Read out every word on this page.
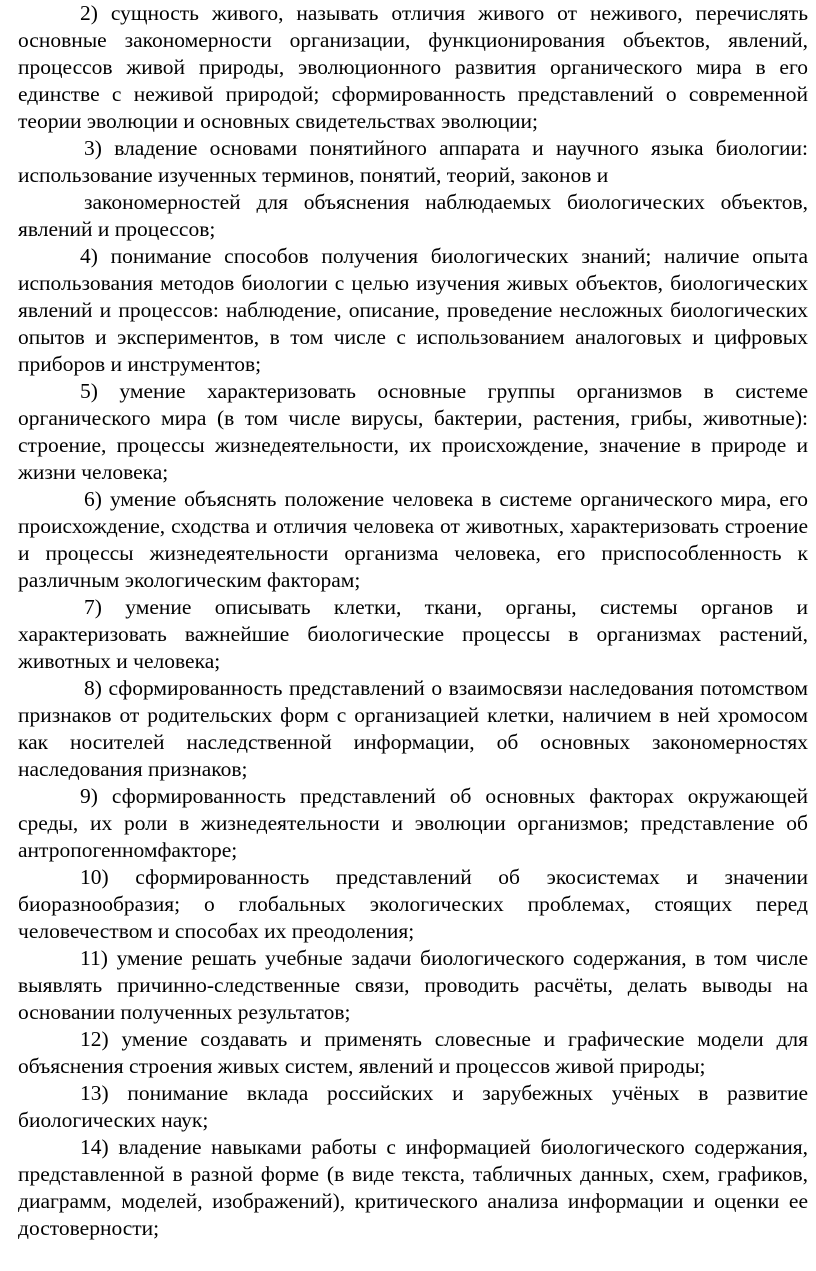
2) сущность живого, называть отличия живого от неживого, перечислять основные закономерности организации, функционирования объектов, явлений, процессов живой природы, эволюционного развития органического мира в его единстве с неживой природой; сформированность представлений о современной теории эволюции и основных свидетельствах эволюции;

3) владение основами понятийного аппарата и научного языка биологии: использование изученных терминов, понятий, теорий, законов и

закономерностей для объяснения наблюдаемых биологических объектов, явлений и процессов;

4) понимание способов получения биологических знаний; наличие опыта использования методов биологии с целью изучения живых объектов, биологических явлений и процессов: наблюдение, описание, проведение несложных биологических опытов и экспериментов, в том числе с использованием аналоговых и цифровых приборов и инструментов;

5) умение характеризовать основные группы организмов в системе органического мира (в том числе вирусы, бактерии, растения, грибы, животные): строение, процессы жизнедеятельности, их происхождение, значение в природе и жизни человека;

6) умение объяснять положение человека в системе органического мира, его происхождение, сходства и отличия человека от животных, характеризовать строение и процессы жизнедеятельности организма человека, его приспособленность к различным экологическим факторам;

7) умение описывать клетки, ткани, органы, системы органов и характеризовать важнейшие биологические процессы в организмах растений, животных и человека;

8) сформированность представлений о взаимосвязи наследования потомством признаков от родительских форм с организацией клетки, наличием в ней хромосом как носителей наследственной информации, об основных закономерностях наследования признаков;

9) сформированность представлений об основных факторах окружающей среды, их роли в жизнедеятельности и эволюции организмов; представление об антропогенномфакторе;

10) сформированность представлений об экосистемах и значении биоразнообразия; о глобальных экологических проблемах, стоящих перед человечеством и способах их преодоления;

11) умение решать учебные задачи биологического содержания, в том числе выявлять причинно-следственные связи, проводить расчёты, делать выводы на основании полученных результатов;

12) умение создавать и применять словесные и графические модели для объяснения строения живых систем, явлений и процессов живой природы;

13) понимание вклада российских и зарубежных учёных в развитие биологических наук;

14) владение навыками работы с информацией биологического содержания, представленной в разной форме (в виде текста, табличных данных, схем, графиков, диаграмм, моделей, изображений), критического анализа информации и оценки ее достоверности;
